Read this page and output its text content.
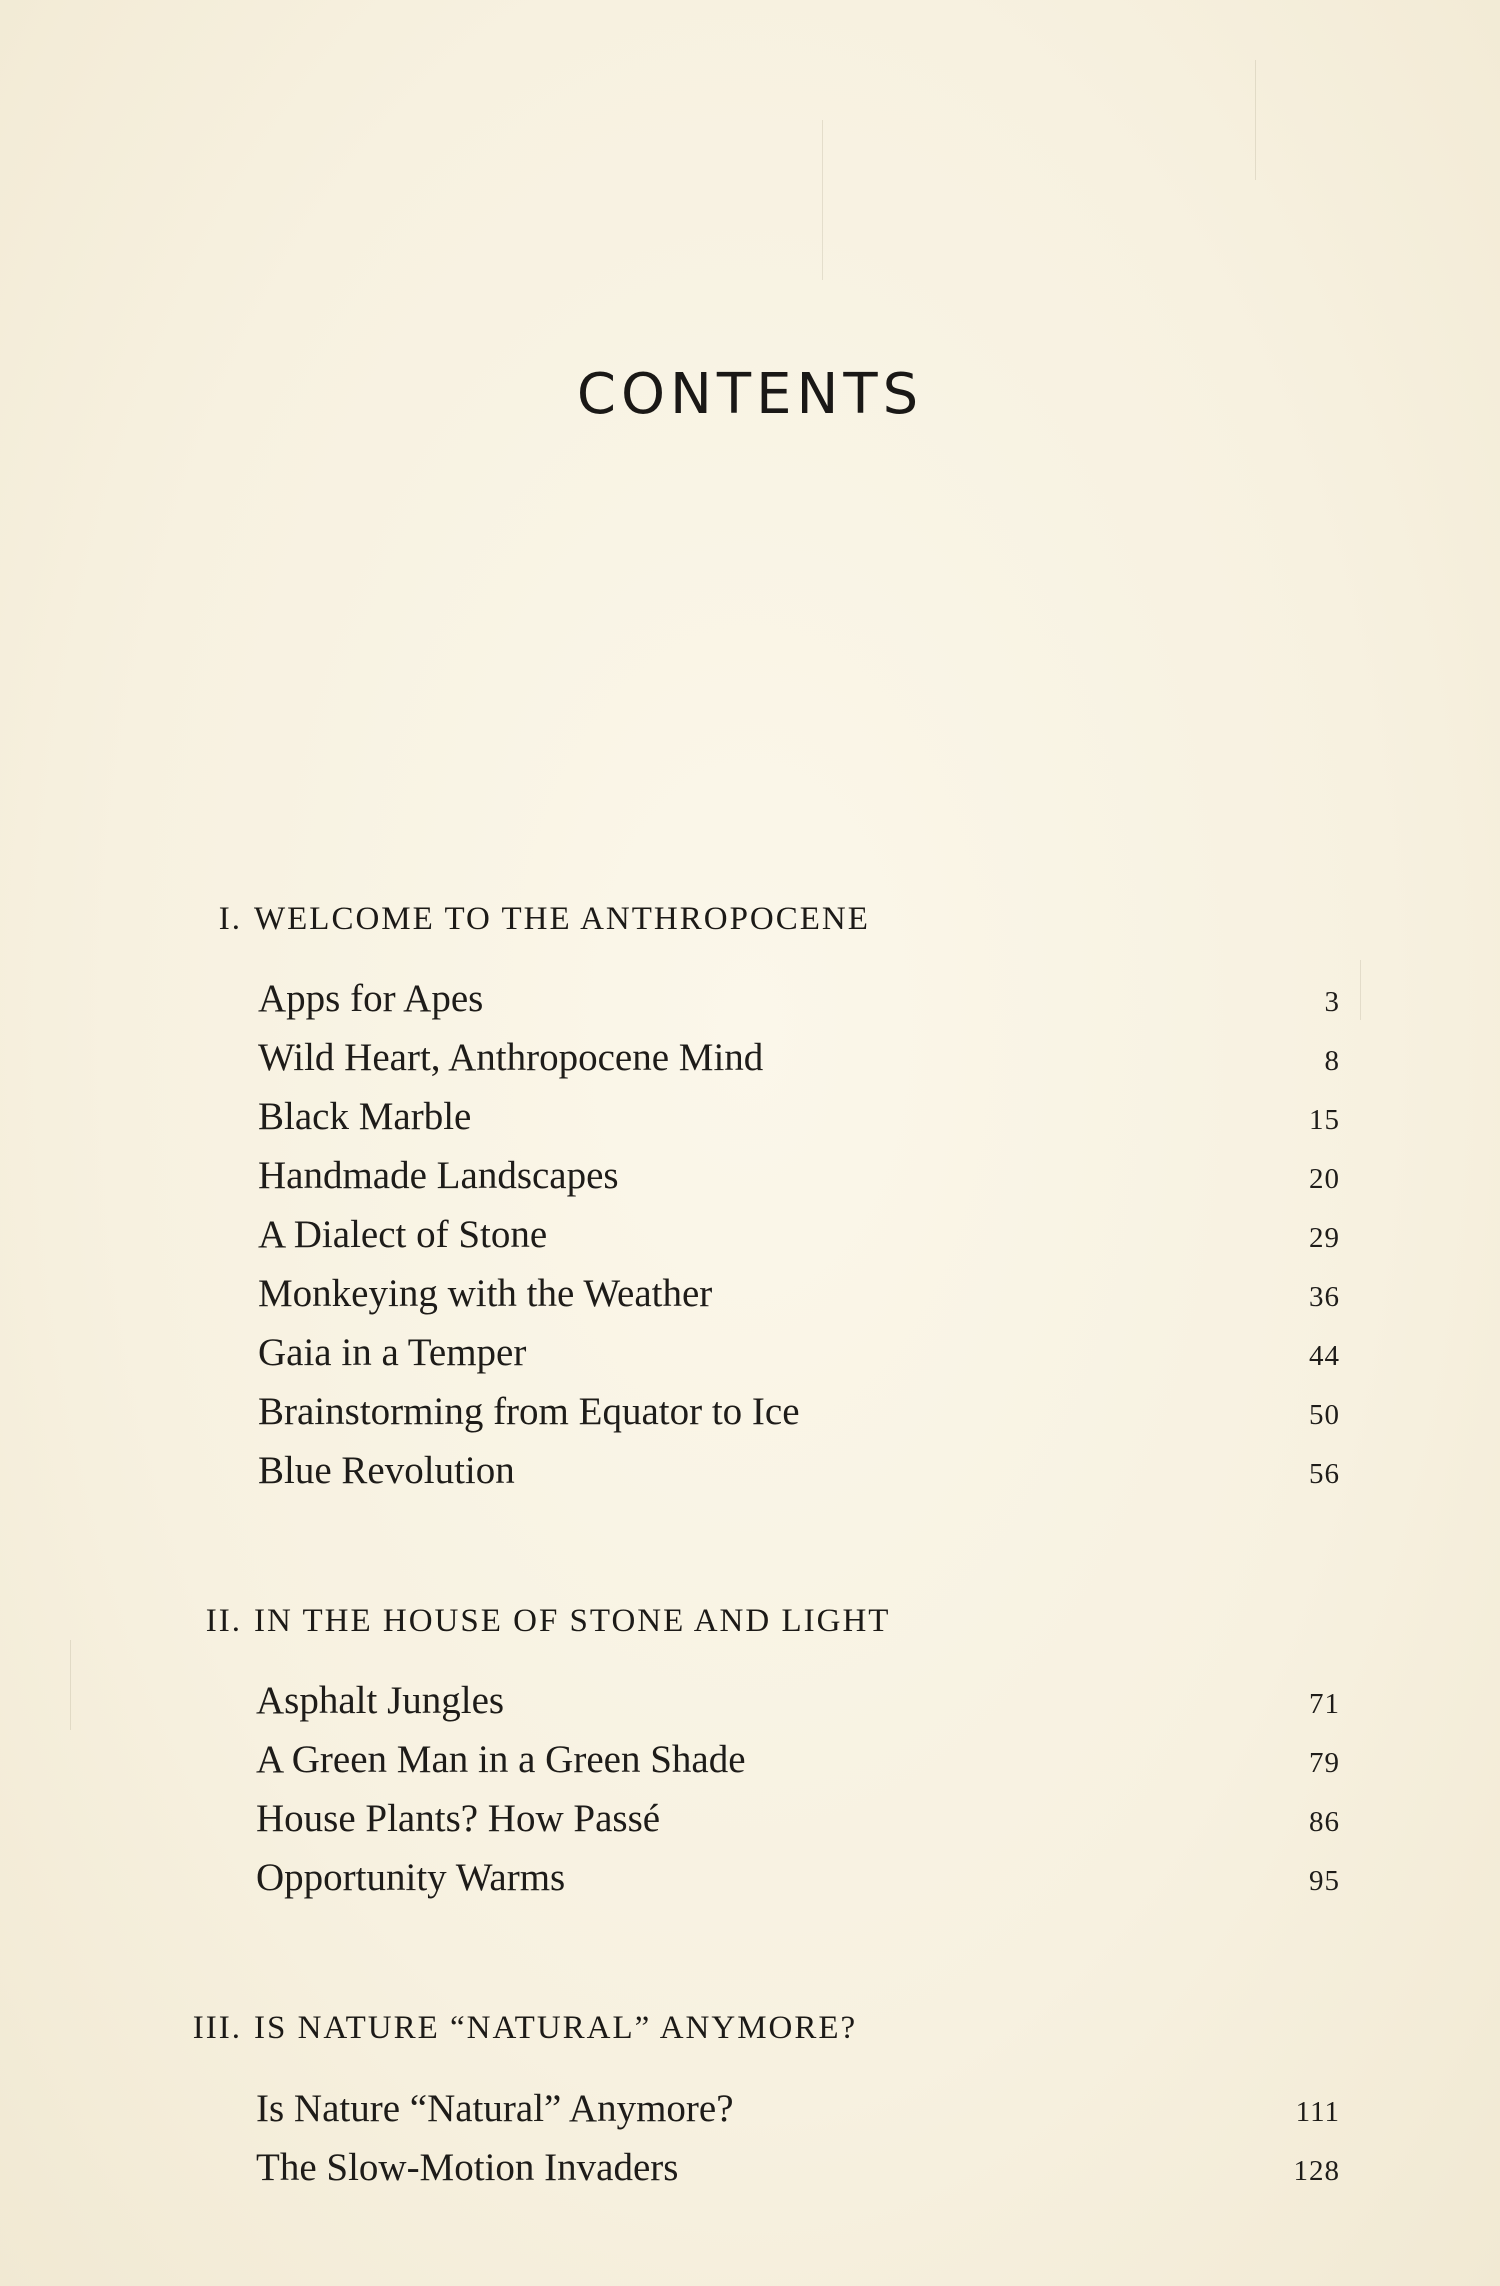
CONTENTS
I. WELCOME TO THE ANTHROPOCENE
Apps for Apes	3
Wild Heart, Anthropocene Mind	8
Black Marble	15
Handmade Landscapes	20
A Dialect of Stone	29
Monkeying with the Weather	36
Gaia in a Temper	44
Brainstorming from Equator to Ice	50
Blue Revolution	56
II. IN THE HOUSE OF STONE AND LIGHT
Asphalt Jungles	71
A Green Man in a Green Shade	79
House Plants? How Passé	86
Opportunity Warms	95
III. IS NATURE “NATURAL” ANYMORE?
Is Nature “Natural” Anymore?	111
The Slow-Motion Invaders	128
